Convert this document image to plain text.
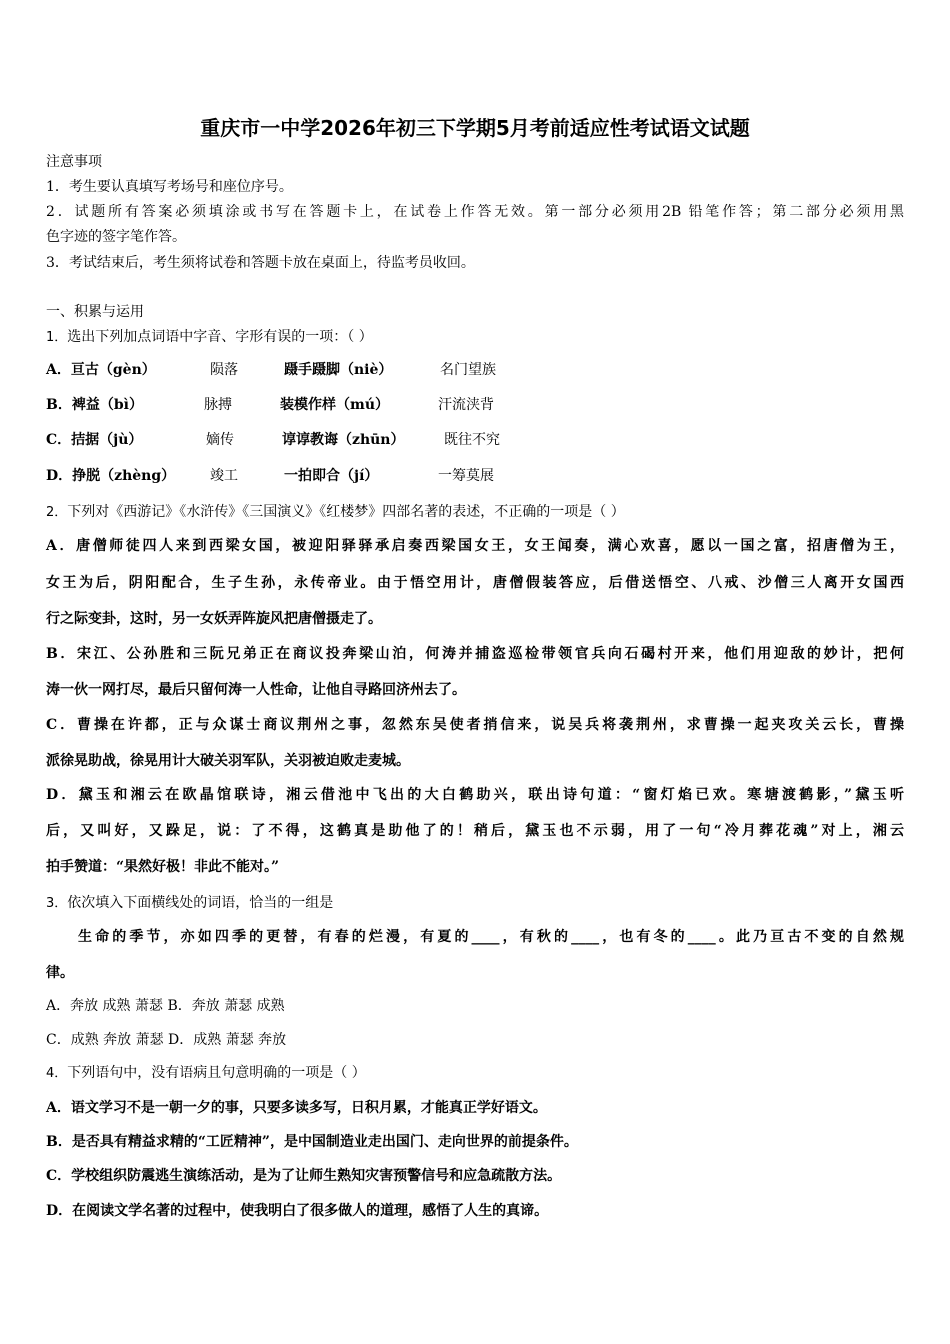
重庆市一中学2026年初三下学期5月考前适应性考试语文试题
注意事项
1．考生要认真填写考场号和座位序号。
2．试题所有答案必须填涂或书写在答题卡上，在试卷上作答无效。第一部分必须用2B 铅笔作答；第二部分必须用黑
色字迹的签字笔作答。
3．考试结束后，考生须将试卷和答题卡放在桌面上，待监考员收回。
一、积累与运用
1．选出下列加点词语中字音、字形有误的一项：（ ）
A．亘古（gèn）	陨落	蹑手蹑脚（niè）	名门望族
B．裨益（bì）	脉搏	装模作样（mú）	汗流浃背
C．拮据（jù）	嫡传	谆谆教诲（zhūn）	既往不究
D．挣脱（zhèng） 竣工	一拍即合（jí）	一筹莫展
2．下列对《西游记》《水浒传》《三国演义》《红楼梦》四部名著的表述，不正确的一项是（ ）
A．唐僧师徒四人来到西梁女国，被迎阳驿驿承启奏西梁国女王，女王闻奏，满心欢喜，愿以一国之富，招唐僧为王，
女王为后，阴阳配合，生子生孙，永传帝业。由于悟空用计，唐僧假装答应，后借送悟空、八戒、沙僧三人离开女国西
行之际变卦，这时，另一女妖弄阵旋风把唐僧摄走了。
B．宋江、公孙胜和三阮兄弟正在商议投奔梁山泊，何涛并捕盗巡检带领官兵向石碣村开来，他们用迎敌的妙计，把何
涛一伙一网打尽，最后只留何涛一人性命，让他自寻路回济州去了。
C．曹操在许都，正与众谋士商议荆州之事，忽然东吴使者捎信来，说吴兵将袭荆州，求曹操一起夹攻关云长，曹操
派徐晃助战，徐晃用计大破关羽军队，关羽被迫败走麦城。
D．黛玉和湘云在欧晶馆联诗，湘云借池中飞出的大白鹤助兴，联出诗句道：“窗灯焰已欢。寒塘渡鹤影，”黛玉听
后，又叫好，又跺足，说：了不得，这鹤真是助他了的！稍后，黛玉也不示弱，用了一句“冷月葬花魂”对上，湘云
拍手赞道：“果然好极！非此不能对。”
3．依次填入下面横线处的词语，恰当的一组是
生命的季节，亦如四季的更替，有春的烂漫，有夏的____，有秋的____，也有冬的____。此乃亘古不变的自然规
律。
A．奔放 成熟 萧瑟 B．奔放 萧瑟 成熟
C．成熟 奔放 萧瑟 D．成熟 萧瑟 奔放
4．下列语句中，没有语病且句意明确的一项是（ ）
A．语文学习不是一朝一夕的事，只要多读多写，日积月累，才能真正学好语文。
B．是否具有精益求精的“工匠精神”，是中国制造业走出国门、走向世界的前提条件。
C．学校组织防震逃生演练活动，是为了让师生熟知灾害预警信号和应急疏散方法。
D．在阅读文学名著的过程中，使我明白了很多做人的道理，感悟了人生的真谛。
